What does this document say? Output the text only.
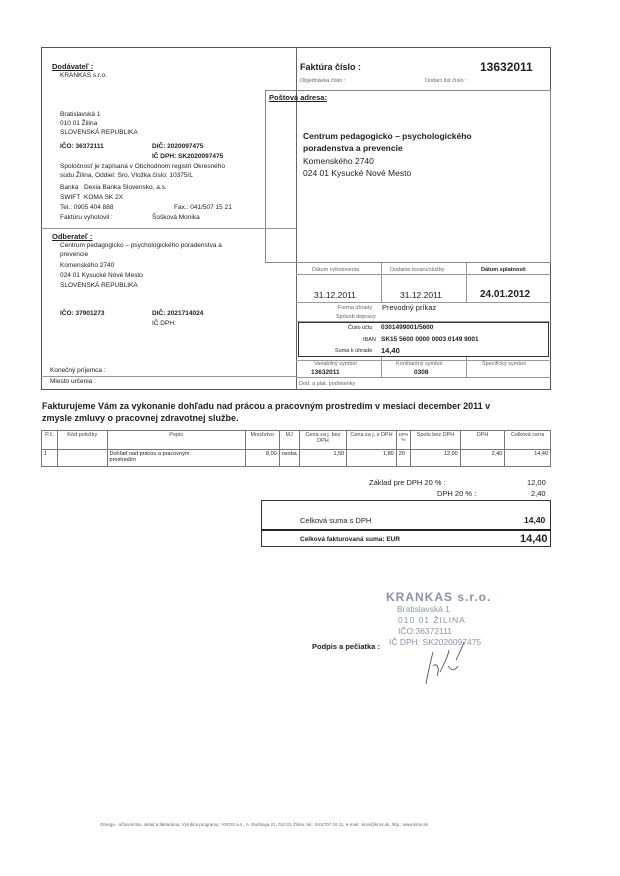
Dodávateľ :
KRANKAS s.r.o.
Bratislavská 1
010 01 Žilina
SLOVENSKÁ REPUBLIKA
IČO: 36372111	DIČ: 2020097475
IČ DPH: SK2020097475
Spoločnosť je zapísaná v Obchodnom registri Okresného
súdu Žilina, Oddiel: Sro, Vložka číslo: 10375/L
Banka Dexia Banka Slovensko, a.s.
SWIFT KOMA SK 2X
Tel.: 0905 404 888	Fax.: 041/507 15 21
Faktúru vyhotovil :	Šošková Monika
Faktúra číslo :	13632011
Objednávka číslo :	Dodací list číslo :
Poštová adresa:
Centrum pedagogicko – psychologického
poradenstva a prevencie
Komenského 2740
024 01 Kysucké Nové Mesto
Odberateľ :
Centrum pedagogicko – psychologického poradenstva a
prevencie
Komenského 2740
024 01 Kysucké Nové Mesto
SLOVENSKÁ REPUBLIKA
IČO: 37901273	DIČ: 2021714024
IČ DPH:
Konečný príjemca :
Miesto určenia :
Dátum vyhotovenia	Dodanie tovaru/služby	Dátum splatnosti
31.12.2011	31.12.2011	24.01.2012
Forma úhrady Prevodný príkaz
Spôsob dopravy
Číslo účtu 0301499001/5600
IBAN SK15 5600 0000 0003 0149 9001
Suma k úhrade 14,40
Variabilný symbol	Konštantný symbol	Špecifický symbol
13632011	0308
Dod. a plat. podmienky
Fakturujeme Vám za vykonanie dohľadu nad prácou a pracovným prostredím v mesiaci december 2011 v
zmysle zmluvy o pracovnej zdravotnej službe.
P.č.	Kód položky	Popis	Množstvo	MJ	Cena za j. bez DPH	Cena za j. s DPH	DPH %	Spolu bez DPH	DPH	Celková cena
1		Dohľad nad prácou a pracovným
prostredím	8,00	osoba	1,50	1,80	20	12,00	2,40	14,40
Základ pre DPH 20 % :	12,00
DPH 20 % :	2,40
Celková suma s DPH	14,40
Celková fakturovaná suma: EUR	14,40
KRANKAS s.r.o.
Bratislavská 1
010 01 ŽILINA
IČO:36372111
IČ DPH: SK2020097475
Podpis a pečiatka :
Omega - účtovníctvo, sklad a fakturácia, Výrobca programu : KROS a.s., A. Rudnaya 21, 010 01 Žilina, tel.: 041/707 10 11, e-mail : kros@kros.sk, http : www.kros.sk
